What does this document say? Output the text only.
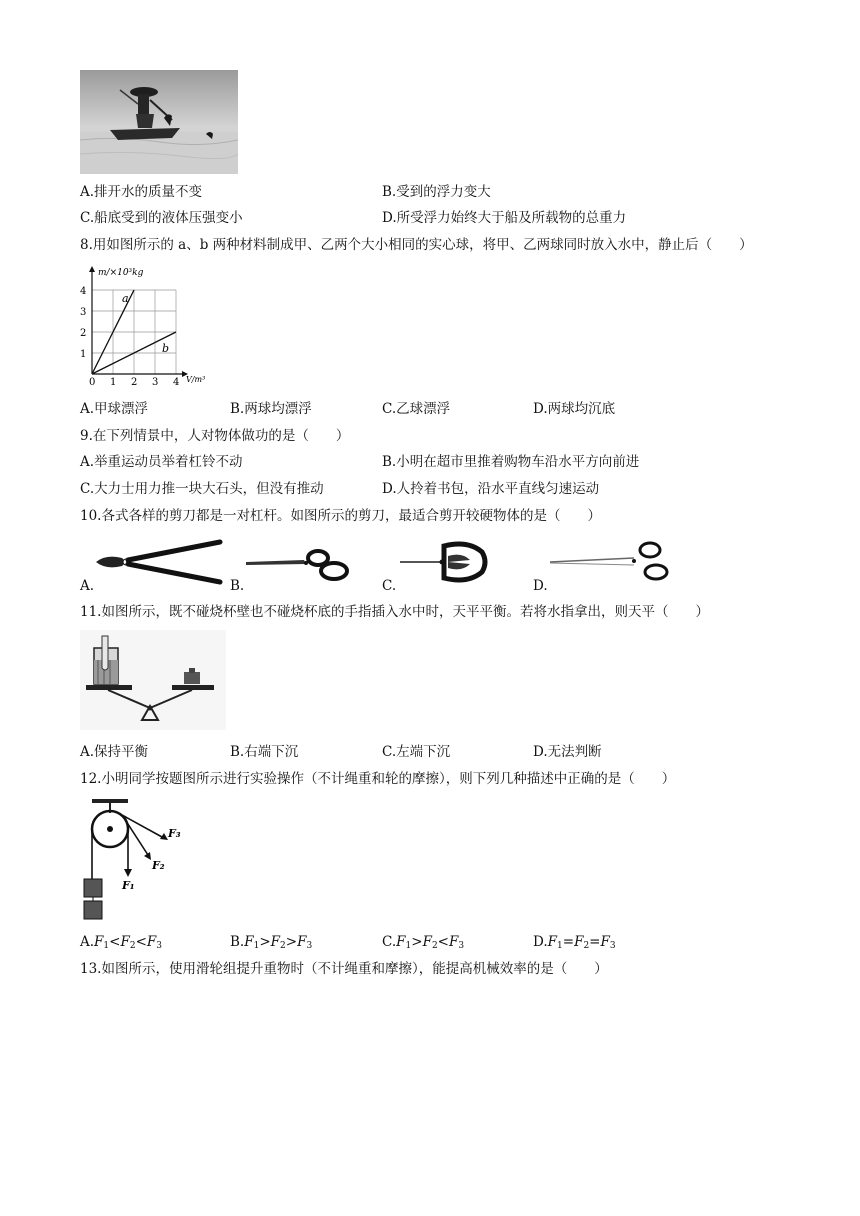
A.排开水的质量不变	B.受到的浮力变大
C.船底受到的液体压强变小	D.所受浮力始终大于船及所载物的总重力
8.用如图所示的 a、b 两种材料制成甲、乙两个大小相同的实心球，将甲、乙两球同时放入水中，静止后（　　）
m/×10³kg
V/m³
0 1 2 3 4
4
3
2
1
a
b
A.甲球漂浮	B.两球均漂浮	C.乙球漂浮	D.两球均沉底
9.在下列情景中，人对物体做功的是（　　）
A.举重运动员举着杠铃不动	B.小明在超市里推着购物车沿水平方向前进
C.大力士用力推一块大石头，但没有推动	D.人拎着书包，沿水平直线匀速运动
10.各式各样的剪刀都是一对杠杆。如图所示的剪刀，最适合剪开较硬物体的是（　　）
A.	B.	C.	D.
11.如图所示，既不碰烧杯壁也不碰烧杯底的手指插入水中时，天平平衡。若将水指拿出，则天平（　　）
A.保持平衡	B.右端下沉	C.左端下沉	D.无法判断
12.小明同学按题图所示进行实验操作（不计绳重和轮的摩擦），则下列几种描述中正确的是（　　）
F₁
F₂
F₃
$A.F_1<F_2<F_3$	$B.F_1>F_2>F_3$	$C.F_1>F_2<F_3$	$D.F_1=F_2=F_3$
13.如图所示，使用滑轮组提升重物时（不计绳重和摩擦），能提高机械效率的是（　　）
